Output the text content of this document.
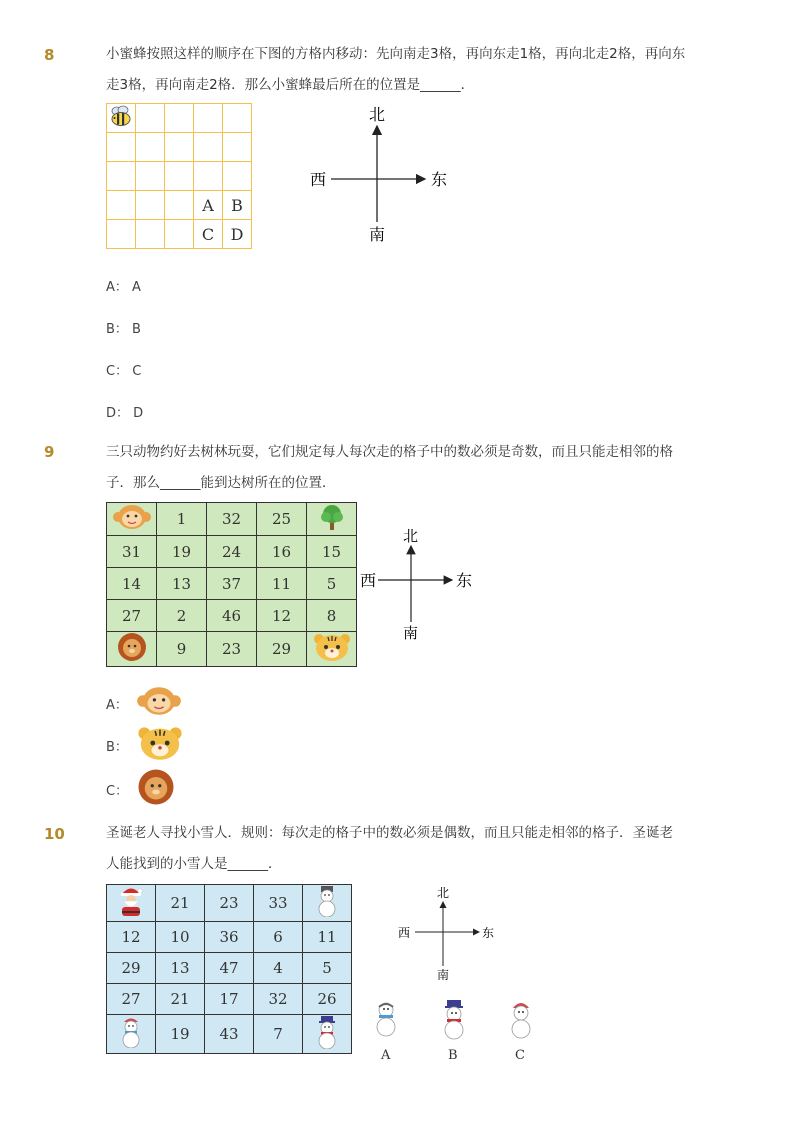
8	小蜜蜂按照这样的顺序在下图的方格内移动：先向南走3格，再向东走1格，再向北走2格，再向东
走3格，再向南走2格．那么小蜜蜂最后所在的位置是______．

			A	B
			C	D
北
南
东
西
A： A
B： B
C： C
D： D
9	三只动物约好去树林玩耍，它们规定每人每次走的格子中的数必须是奇数，而且只能走相邻的格
子．那么______能到达树所在的位置．
	1	32	25	
31	19	24	16	15
14	13	37	11	5
27	2	46	12	8
	9	23	29	
北
南
东
西
A：
B：
C：
10	圣诞老人寻找小雪人．规则：每次走的格子中的数必须是偶数，而且只能走相邻的格子．圣诞老
人能找到的小雪人是______．
	21	23	33	
12	10	36	6	11
29	13	47	4	5
27	21	17	32	26
	19	43	7	
北
南
东
西
A	B	C
